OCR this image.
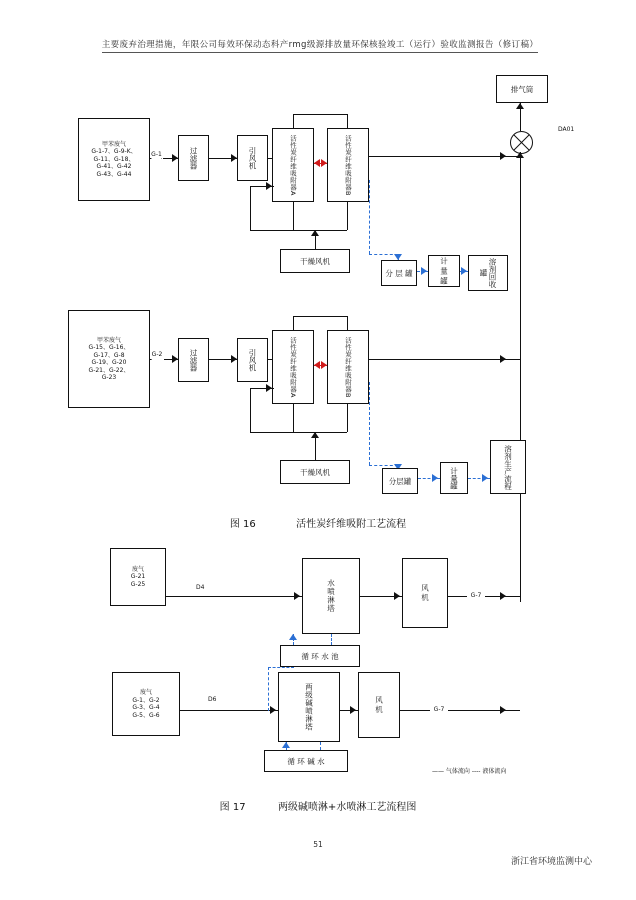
主要废弃治理措施，年限公司每效环保动态科产rmg级源排放量环保核验竣工（运行）验收监测报告（修订稿）
排气筒
DA01
甲苯废气
G-1-7、G-9-K、
G-11、G-18、
G-41、G-42
G-43、G-44
G-1	过滤器	引风机	活性炭纤维吸附器A	活性炭纤维吸附器B
干燥风机
分 层 罐	计 量 罐	溶剂回收罐
甲苯废气
G-15、G-16、
G-17、G-8
G-19、G-20
G-21、G-22、
G-23
G-2	过滤器	引风机	活性炭纤维吸附器A	活性炭纤维吸附器B
干燥风机
分层罐	计量罐	溶剂生产流程
图 16	活性炭纤维吸附工艺流程
废气
G-21
G-25	D4	水喷淋塔	风机	G-7
循 环 水 池
废气
G-1、G-2
G-3、G-4
G-5、G-6
D6	两级碱喷淋塔	风机	G-7
循 环 碱 水
—— 气体流向 ---- 液体流向
图 17	两级碱喷淋+水喷淋工艺流程图
51
浙江省环境监测中心
